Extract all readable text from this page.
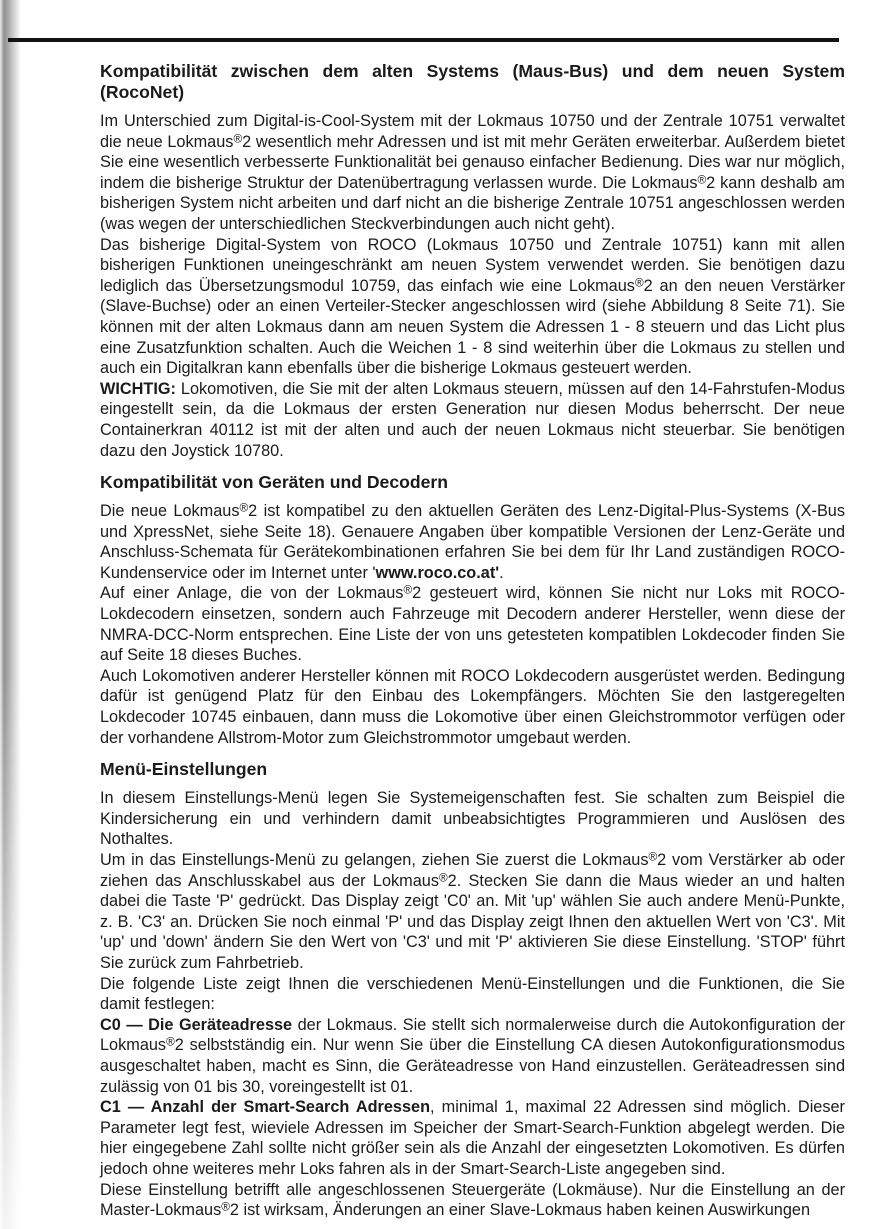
Kompatibilität zwischen dem alten Systems (Maus-Bus) und dem neuen System (RocoNet)

Im Unterschied zum Digital-is-Cool-System mit der Lokmaus 10750 und der Zentrale 10751 verwaltet die neue Lokmaus®2 wesentlich mehr Adressen und ist mit mehr Geräten erweiterbar. Außerdem bietet Sie eine wesentlich verbesserte Funktionalität bei genauso einfacher Bedienung. Dies war nur möglich, indem die bisherige Struktur der Datenübertragung verlassen wurde. Die Lokmaus®2 kann deshalb am bisherigen System nicht arbeiten und darf nicht an die bisherige Zentrale 10751 angeschlossen werden (was wegen der unterschiedlichen Steckverbindungen auch nicht geht).

Das bisherige Digital-System von ROCO (Lokmaus 10750 und Zentrale 10751) kann mit allen bisherigen Funktionen uneingeschränkt am neuen System verwendet werden. Sie benötigen dazu lediglich das Übersetzungsmodul 10759, das einfach wie eine Lokmaus®2 an den neuen Verstärker (Slave-Buchse) oder an einen Verteiler-Stecker angeschlossen wird (siehe Abbildung 8 Seite 71). Sie können mit der alten Lokmaus dann am neuen System die Adressen 1 - 8 steuern und das Licht plus eine Zusatzfunktion schalten. Auch die Weichen 1 - 8 sind weiterhin über die Lokmaus zu stellen und auch ein Digitalkran kann ebenfalls über die bisherige Lokmaus gesteuert werden.

WICHTIG: Lokomotiven, die Sie mit der alten Lokmaus steuern, müssen auf den 14-Fahrstufen-Modus eingestellt sein, da die Lokmaus der ersten Generation nur diesen Modus beherrscht. Der neue Containerkran 40112 ist mit der alten und auch der neuen Lokmaus nicht steuerbar. Sie benötigen dazu den Joystick 10780.

Kompatibilität von Geräten und Decodern

Die neue Lokmaus®2 ist kompatibel zu den aktuellen Geräten des Lenz-Digital-Plus-Systems (X-Bus und XpressNet, siehe Seite 18). Genauere Angaben über kompatible Versionen der Lenz-Geräte und Anschluss-Schemata für Gerätekombinationen erfahren Sie bei dem für Ihr Land zuständigen ROCO-Kundenservice oder im Internet unter 'www.roco.co.at'.

Auf einer Anlage, die von der Lokmaus®2 gesteuert wird, können Sie nicht nur Loks mit ROCO-Lokdecodern einsetzen, sondern auch Fahrzeuge mit Decodern anderer Hersteller, wenn diese der NMRA-DCC-Norm entsprechen. Eine Liste der von uns getesteten kompatiblen Lokdecoder finden Sie auf Seite 18 dieses Buches.

Auch Lokomotiven anderer Hersteller können mit ROCO Lokdecodern ausgerüstet werden. Bedingung dafür ist genügend Platz für den Einbau des Lokempfängers. Möchten Sie den lastgeregelten Lokdecoder 10745 einbauen, dann muss die Lokomotive über einen Gleichstrommotor verfügen oder der vorhandene Allstrom-Motor zum Gleichstrommotor umgebaut werden.

Menü-Einstellungen

In diesem Einstellungs-Menü legen Sie Systemeigenschaften fest. Sie schalten zum Beispiel die Kindersicherung ein und verhindern damit unbeabsichtigtes Programmieren und Auslösen des Nothaltes.

Um in das Einstellungs-Menü zu gelangen, ziehen Sie zuerst die Lokmaus®2 vom Verstärker ab oder ziehen das Anschlusskabel aus der Lokmaus®2. Stecken Sie dann die Maus wieder an und halten dabei die Taste 'P' gedrückt. Das Display zeigt 'C0' an. Mit 'up' wählen Sie auch andere Menü-Punkte, z. B. 'C3' an. Drücken Sie noch einmal 'P' und das Display zeigt Ihnen den aktuellen Wert von 'C3'. Mit 'up' und 'down' ändern Sie den Wert von 'C3' und mit 'P' aktivieren Sie diese Einstellung. 'STOP' führt Sie zurück zum Fahrbetrieb.

Die folgende Liste zeigt Ihnen die verschiedenen Menü-Einstellungen und die Funktionen, die Sie damit festlegen:

C0 — Die Geräteadresse der Lokmaus. Sie stellt sich normalerweise durch die Autokonfiguration der Lokmaus®2 selbstständig ein. Nur wenn Sie über die Einstellung CA diesen Autokonfigurationsmodus ausgeschaltet haben, macht es Sinn, die Geräteadresse von Hand einzustellen. Geräteadressen sind zulässig von 01 bis 30, voreingestellt ist 01.

C1 — Anzahl der Smart-Search Adressen, minimal 1, maximal 22 Adressen sind möglich. Dieser Parameter legt fest, wieviele Adressen im Speicher der Smart-Search-Funktion abgelegt werden. Die hier eingegebene Zahl sollte nicht größer sein als die Anzahl der eingesetzten Lokomotiven. Es dürfen jedoch ohne weiteres mehr Loks fahren als in der Smart-Search-Liste angegeben sind.

Diese Einstellung betrifft alle angeschlossenen Steuergeräte (Lokmäuse). Nur die Einstellung an der Master-Lokmaus®2 ist wirksam, Änderungen an einer Slave-Lokmaus haben keinen Auswirkungen
